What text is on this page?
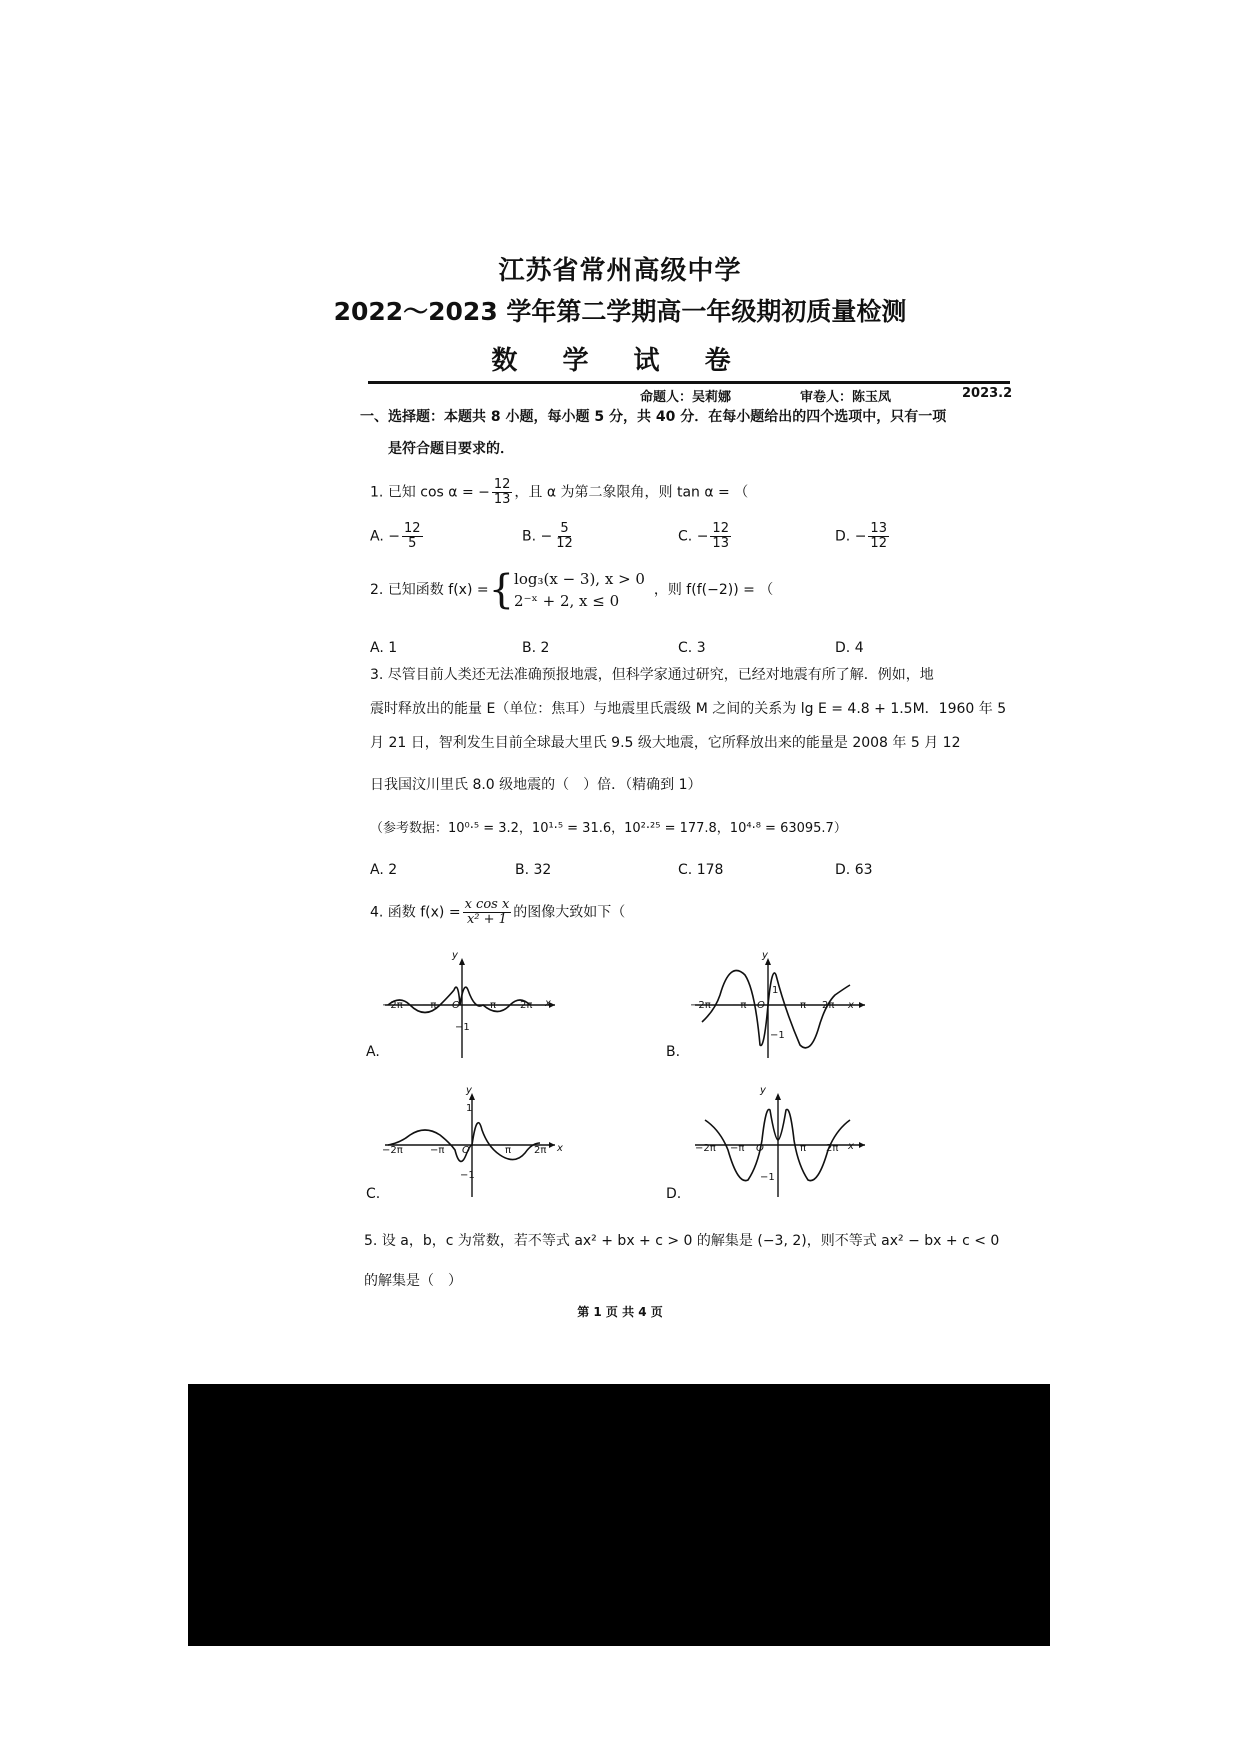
江苏省常州高级中学
2022～2023 学年第二学期高一年级期初质量检测
数 学 试 卷
命题人：吴莉娜	审卷人：陈玉凤	2023.2
一、选择题：本题共 8 小题，每小题 5 分，共 40 分．在每小题给出的四个选项中，只有一项
是符合题目要求的．
1. 已知 cos α = − $\frac{12}{13}$ ，且 α 为第二象限角，则 tan α = （
A. − $\frac{12}{5}$	B. − $\frac{5}{12}$	C. − $\frac{12}{13}$	D. − $\frac{13}{12}$
2.
已知函数 f(x) = { log₃(x − 3), x > 0
2⁻ˣ + 2, x ≤ 0

，则 f(f(−2)) = （
A. 1	B. 2	C. 3	D. 4
3. 尽管目前人类还无法准确预报地震，但科学家通过研究，已经对地震有所了解．例如，地
震时释放出的能量 E（单位：焦耳）与地震里氏震级 M 之间的关系为 lg E = 4.8 + 1.5M．1960 年 5
月 21 日，智利发生目前全球最大里氏 9.5 级大地震，它所释放出来的能量是 2008 年 5 月 12
日我国汶川里氏 8.0 级地震的（　）倍．（精确到 1）
（参考数据：10⁰·⁵ = 3.2，10¹·⁵ = 31.6，10²·²⁵ = 177.8，10⁴·⁸ = 63095.7）
A. 2	B. 32	C. 178	D. 63
4. 函数 $f(x) = \frac{\text{x cos x}}{\text{x² + 1}}$ 的图像大致如下（
−2π −π O	π 2π
−1
y
x
A.
−2π −π O	π 2π
1
−1
y
x
B.
−2π	−π O	π 2π
1
−1
y
x
C.
−2π −π O	π 2π
−1
y
x
D.
5. 设 a，b，c 为常数，若不等式 ax² + bx + c > 0 的解集是 (−3, 2)，则不等式 ax² − bx + c < 0
的解集是（　）
第 1 页 共 4 页
